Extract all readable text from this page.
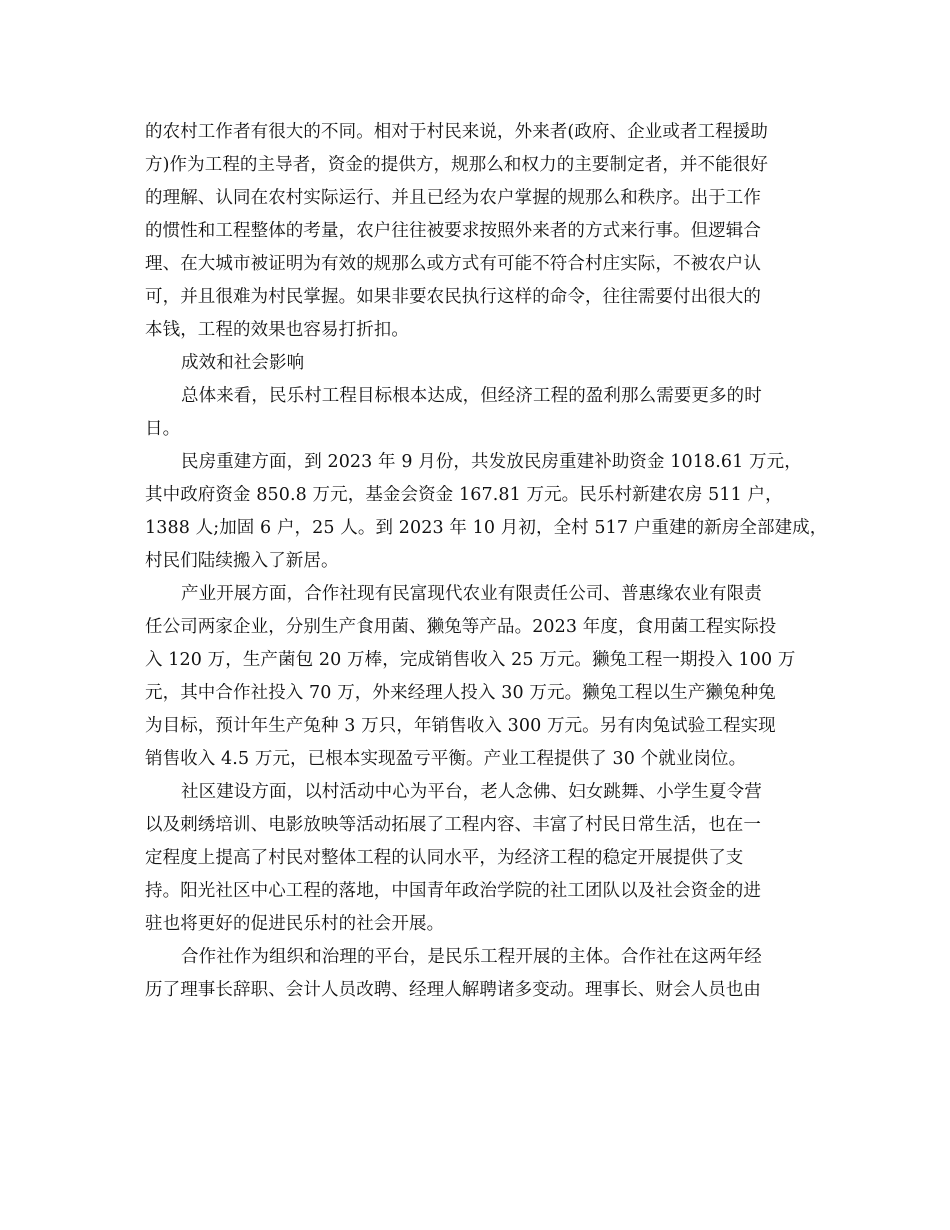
的农村工作者有很大的不同。相对于村民来说，外来者(政府、企业或者工程援助
方)作为工程的主导者，资金的提供方，规那么和权力的主要制定者，并不能很好
的理解、认同在农村实际运行、并且已经为农户掌握的规那么和秩序。出于工作
的惯性和工程整体的考量，农户往往被要求按照外来者的方式来行事。但逻辑合
理、在大城市被证明为有效的规那么或方式有可能不符合村庄实际，不被农户认
可，并且很难为村民掌握。如果非要农民执行这样的命令，往往需要付出很大的
本钱，工程的效果也容易打折扣。
成效和社会影响
总体来看，民乐村工程目标根本达成，但经济工程的盈利那么需要更多的时
日。
民房重建方面，到 2023 年 9 月份，共发放民房重建补助资金 1018.61 万元，
其中政府资金 850.8 万元，基金会资金 167.81 万元。民乐村新建农房 511 户，
1388 人;加固 6 户，25 人。到 2023 年 10 月初，全村 517 户重建的新房全部建成，
村民们陆续搬入了新居。
产业开展方面，合作社现有民富现代农业有限责任公司、普惠缘农业有限责
任公司两家企业，分别生产食用菌、獭兔等产品。2023 年度，食用菌工程实际投
入 120 万，生产菌包 20 万棒，完成销售收入 25 万元。獭兔工程一期投入 100 万
元，其中合作社投入 70 万，外来经理人投入 30 万元。獭兔工程以生产獭兔种兔
为目标，预计年生产兔种 3 万只，年销售收入 300 万元。另有肉兔试验工程实现
销售收入 4.5 万元，已根本实现盈亏平衡。产业工程提供了 30 个就业岗位。
社区建设方面，以村活动中心为平台，老人念佛、妇女跳舞、小学生夏令营
以及刺绣培训、电影放映等活动拓展了工程内容、丰富了村民日常生活，也在一
定程度上提高了村民对整体工程的认同水平，为经济工程的稳定开展提供了支
持。阳光社区中心工程的落地，中国青年政治学院的社工团队以及社会资金的进
驻也将更好的促进民乐村的社会开展。
合作社作为组织和治理的平台，是民乐工程开展的主体。合作社在这两年经
历了理事长辞职、会计人员改聘、经理人解聘诸多变动。理事长、财会人员也由
